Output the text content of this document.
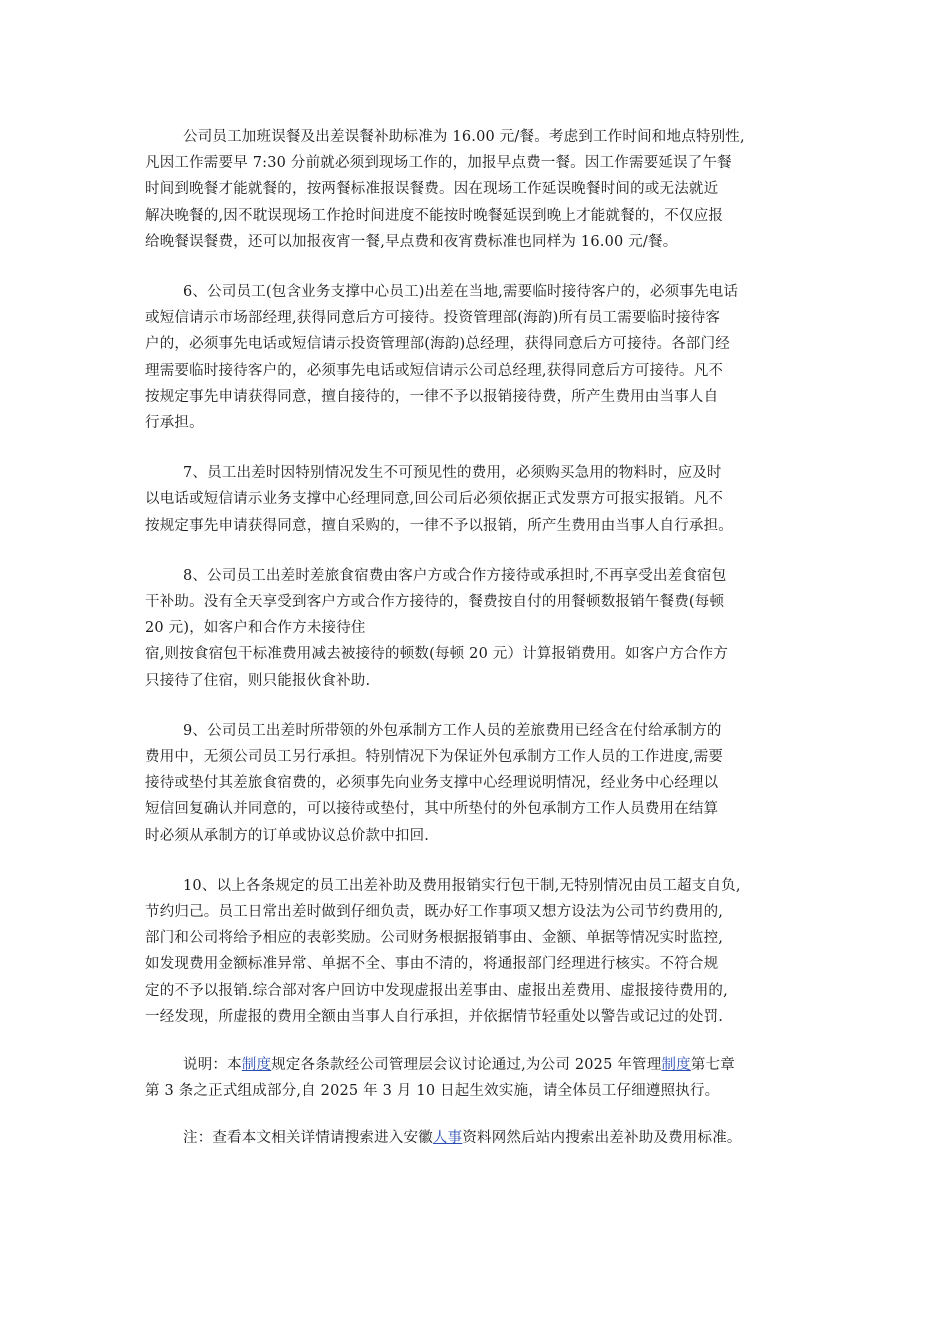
公司员工加班误餐及出差误餐补助标准为 16.00 元/餐。考虑到工作时间和地点特别性,
凡因工作需要早 7:30 分前就必须到现场工作的，加报早点费一餐。因工作需要延误了午餐
时间到晚餐才能就餐的，按两餐标准报误餐费。因在现场工作延误晚餐时间的或无法就近
解决晚餐的,因不耽误现场工作抢时间进度不能按时晚餐延误到晚上才能就餐的，不仅应报
给晚餐误餐费，还可以加报夜宵一餐,早点费和夜宵费标准也同样为 16.00 元/餐。

6、公司员工(包含业务支撑中心员工)出差在当地,需要临时接待客户的，必须事先电话
或短信请示市场部经理,获得同意后方可接待。投资管理部(海韵)所有员工需要临时接待客
户的，必须事先电话或短信请示投资管理部(海韵)总经理，获得同意后方可接待。各部门经
理需要临时接待客户的，必须事先电话或短信请示公司总经理,获得同意后方可接待。凡不
按规定事先申请获得同意，擅自接待的，一律不予以报销接待费，所产生费用由当事人自
行承担。

7、员工出差时因特别情况发生不可预见性的费用，必须购买急用的物料时，应及时
以电话或短信请示业务支撑中心经理同意,回公司后必须依据正式发票方可报实报销。凡不
按规定事先申请获得同意，擅自采购的，一律不予以报销，所产生费用由当事人自行承担。

8、公司员工出差时差旅食宿费由客户方或合作方接待或承担时,不再享受出差食宿包
干补助。没有全天享受到客户方或合作方接待的，餐费按自付的用餐顿数报销午餐费(每顿
20 元)，如客户和合作方未接待住
宿,则按食宿包干标准费用减去被接待的顿数(每顿 20 元）计算报销费用。如客户方合作方
只接待了住宿，则只能报伙食补助.

9、公司员工出差时所带领的外包承制方工作人员的差旅费用已经含在付给承制方的
费用中，无须公司员工另行承担。特别情况下为保证外包承制方工作人员的工作进度,需要
接待或垫付其差旅食宿费的，必须事先向业务支撑中心经理说明情况，经业务中心经理以
短信回复确认并同意的，可以接待或垫付，其中所垫付的外包承制方工作人员费用在结算
时必须从承制方的订单或协议总价款中扣回.

10、以上各条规定的员工出差补助及费用报销实行包干制,无特别情况由员工超支自负,
节约归己。员工日常出差时做到仔细负责，既办好工作事项又想方设法为公司节约费用的,
部门和公司将给予相应的表彰奖励。公司财务根据报销事由、金额、单据等情况实时监控,
如发现费用金额标准异常、单据不全、事由不清的，将通报部门经理进行核实。不符合规
定的不予以报销.综合部对客户回访中发现虚报出差事由、虚报出差费用、虚报接待费用的,
一经发现，所虚报的费用全额由当事人自行承担，并依据情节轻重处以警告或记过的处罚.

说明：本制度规定各条款经公司管理层会议讨论通过,为公司 2025 年管理制度第七章
第 3 条之正式组成部分,自 2025 年 3 月 10 日起生效实施，请全体员工仔细遵照执行。

注：查看本文相关详情请搜索进入安徽人事资料网然后站内搜索出差补助及费用标准。
